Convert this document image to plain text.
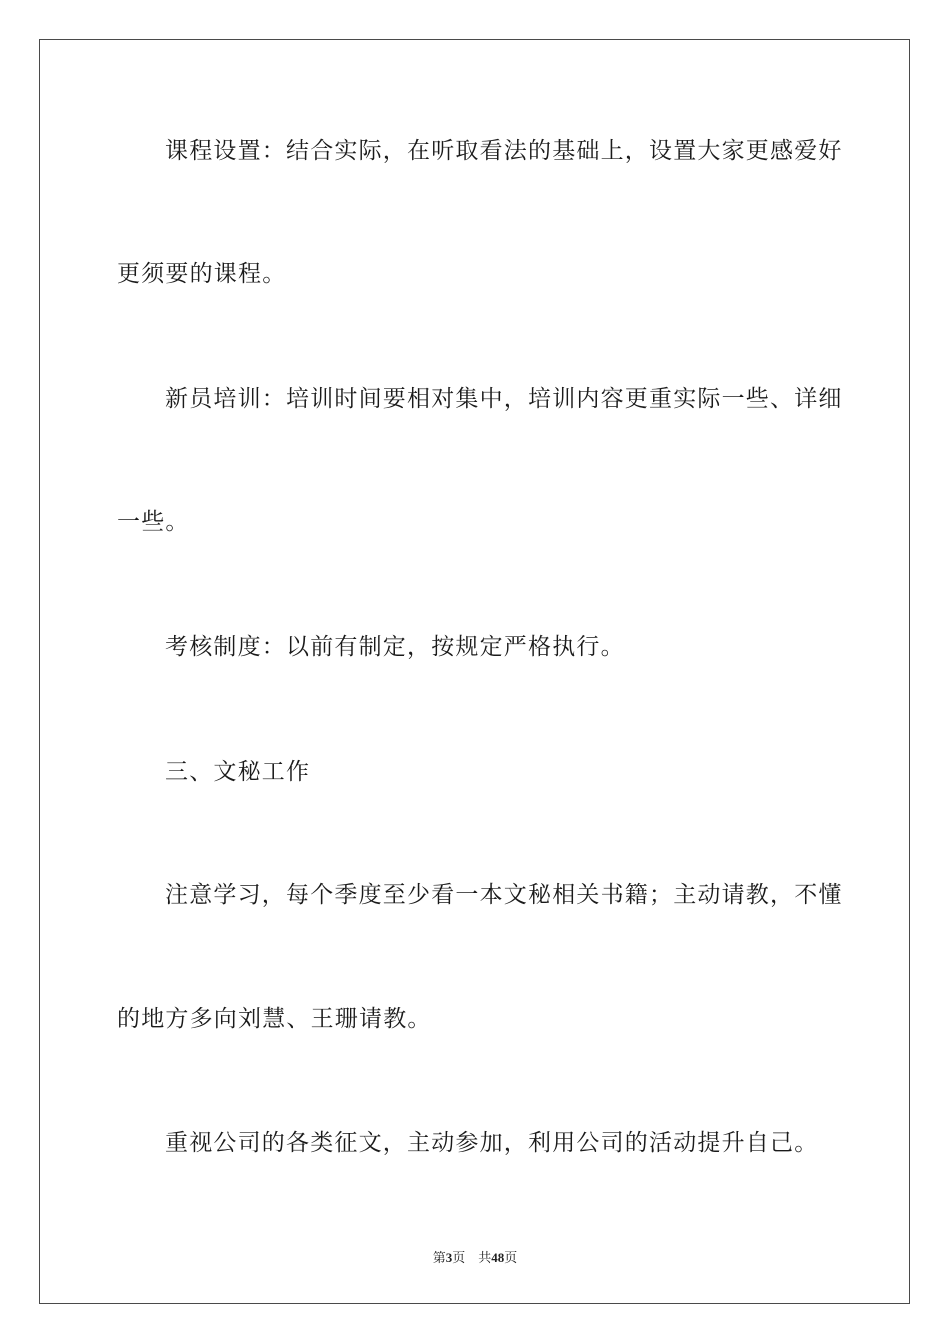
课程设置：结合实际，在听取看法的基础上，设置大家更感爱好
更须要的课程。
新员培训：培训时间要相对集中，培训内容更重实际一些、详细
一些。
考核制度：以前有制定，按规定严格执行。
三、文秘工作
注意学习，每个季度至少看一本文秘相关书籍；主动请教，不懂
的地方多向刘慧、王珊请教。
重视公司的各类征文，主动参加，利用公司的活动提升自己。
第3页 共48页
